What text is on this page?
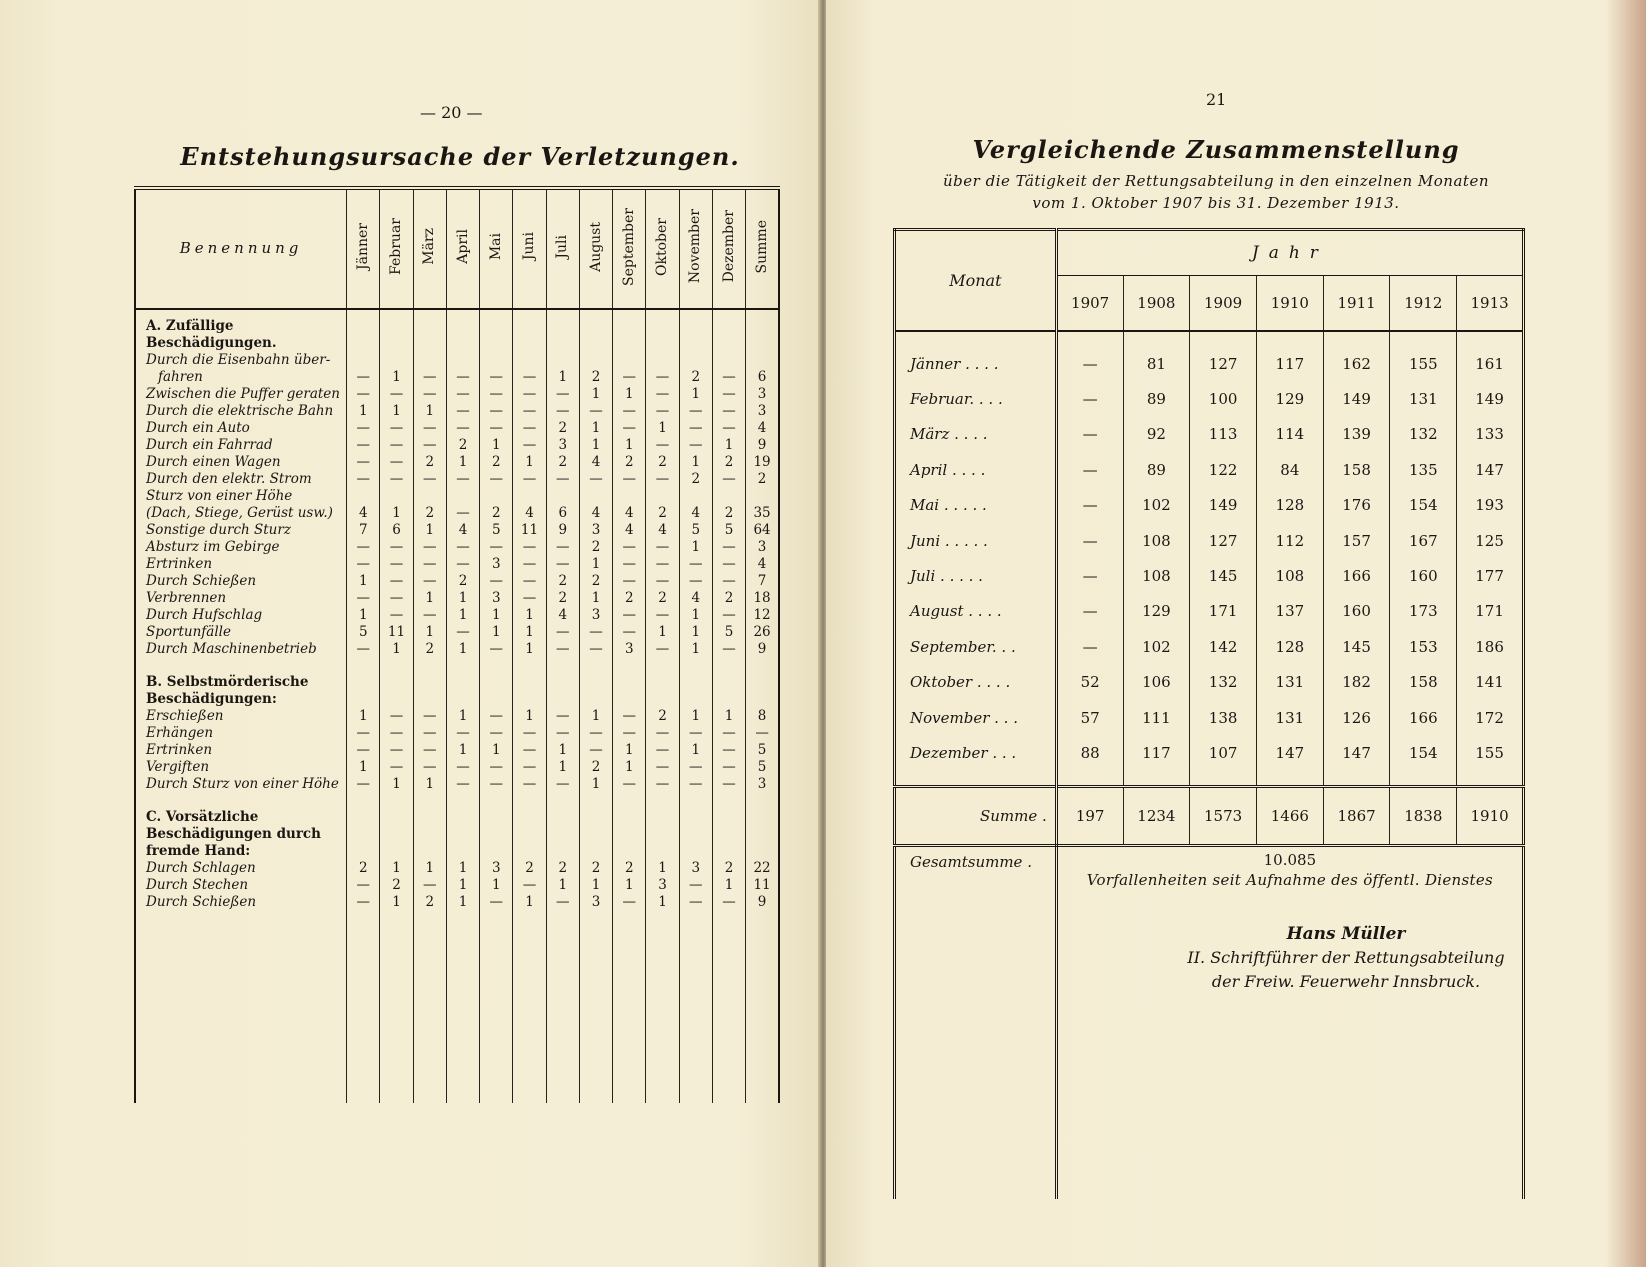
— 20 —
Entstehungsursache der Verletzungen.
Benennung	Jänner	Februar	März	April	Mai	Juni	Juli	August	September	Oktober	November	Dezember	Summe
A. Zufällige Beschädigungen.													
Durch die Eisenbahn über-													
fahren	—	1	—	—	—	—	1	2	—	—	2	—	6
Zwischen die Puffer geraten	—	—	—	—	—	—	—	1	1	—	1	—	3
Durch die elektrische Bahn	1	1	1	—	—	—	—	—	—	—	—	—	3
Durch ein Auto	—	—	—	—	—	—	2	1	—	1	—	—	4
Durch ein Fahrrad	—	—	—	2	1	—	3	1	1	—	—	1	9
Durch einen Wagen	—	—	2	1	2	1	2	4	2	2	1	2	19
Durch den elektr. Strom	—	—	—	—	—	—	—	—	—	—	2	—	2
Sturz von einer Höhe													
(Dach, Stiege, Gerüst usw.)	4	1	2	—	2	4	6	4	4	2	4	2	35
Sonstige durch Sturz	7	6	1	4	5	11	9	3	4	4	5	5	64
Absturz im Gebirge	—	—	—	—	—	—	—	2	—	—	1	—	3
Ertrinken	—	—	—	—	3	—	—	1	—	—	—	—	4
Durch Schießen	1	—	—	2	—	—	2	2	—	—	—	—	7
Verbrennen	—	—	1	1	3	—	2	1	2	2	4	2	18
Durch Hufschlag	1	—	—	1	1	1	4	3	—	—	1	—	12
Sportunfälle	5	11	1	—	1	1	—	—	—	1	1	5	26
Durch Maschinenbetrieb	—	1	2	1	—	1	—	—	3	—	1	—	9

B. Selbstmörderische Beschädigungen:													
Erschießen	1	—	—	1	—	1	—	1	—	2	1	1	8
Erhängen	—	—	—	—	—	—	—	—	—	—	—	—	—
Ertrinken	—	—	—	1	1	—	1	—	1	—	1	—	5
Vergiften	1	—	—	—	—	—	1	2	1	—	—	—	5
Durch Sturz von einer Höhe	—	1	1	—	—	—	—	1	—	—	—	—	3

C. Vorsätzliche Beschädigungen durch fremde Hand:													
Durch Schlagen	2	1	1	1	3	2	2	2	2	1	3	2	22
Durch Stechen	—	2	—	1	1	—	1	1	1	3	—	1	11
Durch Schießen	—	1	2	1	—	1	—	3	—	1	—	—	9

21
Vergleichende Zusammenstellung
über die Tätigkeit der Rettungsabteilung in den einzelnen Monaten
vom 1. Oktober 1907 bis 31. Dezember 1913.
Monat	Jahr						
	1907	1908	1909	1910	1911	1912	1913

Jänner . . . .	—	81	127	117	162	155	161
Februar. . . .	—	89	100	129	149	131	149
März . . . .	—	92	113	114	139	132	133
April . . . .	—	89	122	84	158	135	147
Mai . . . . .	—	102	149	128	176	154	193
Juni . . . . .	—	108	127	112	157	167	125
Juli . . . . .	—	108	145	108	166	160	177
August . . . .	—	129	171	137	160	173	171
September. . .	—	102	142	128	145	153	186
Oktober . . . .	52	106	132	131	182	158	141
November . . .	57	111	138	131	126	166	172
Dezember . . .	88	117	107	147	147	154	155

Summe .	197	1234	1573	1466	1867	1838	1910
Gesamtsumme .	10.085
Vorfallenheiten seit Aufnahme des öffentl. Dienstes						

Hans Müller
II. Schriftführer der Rettungsabteilung
der Freiw. Feuerwehr Innsbruck.
